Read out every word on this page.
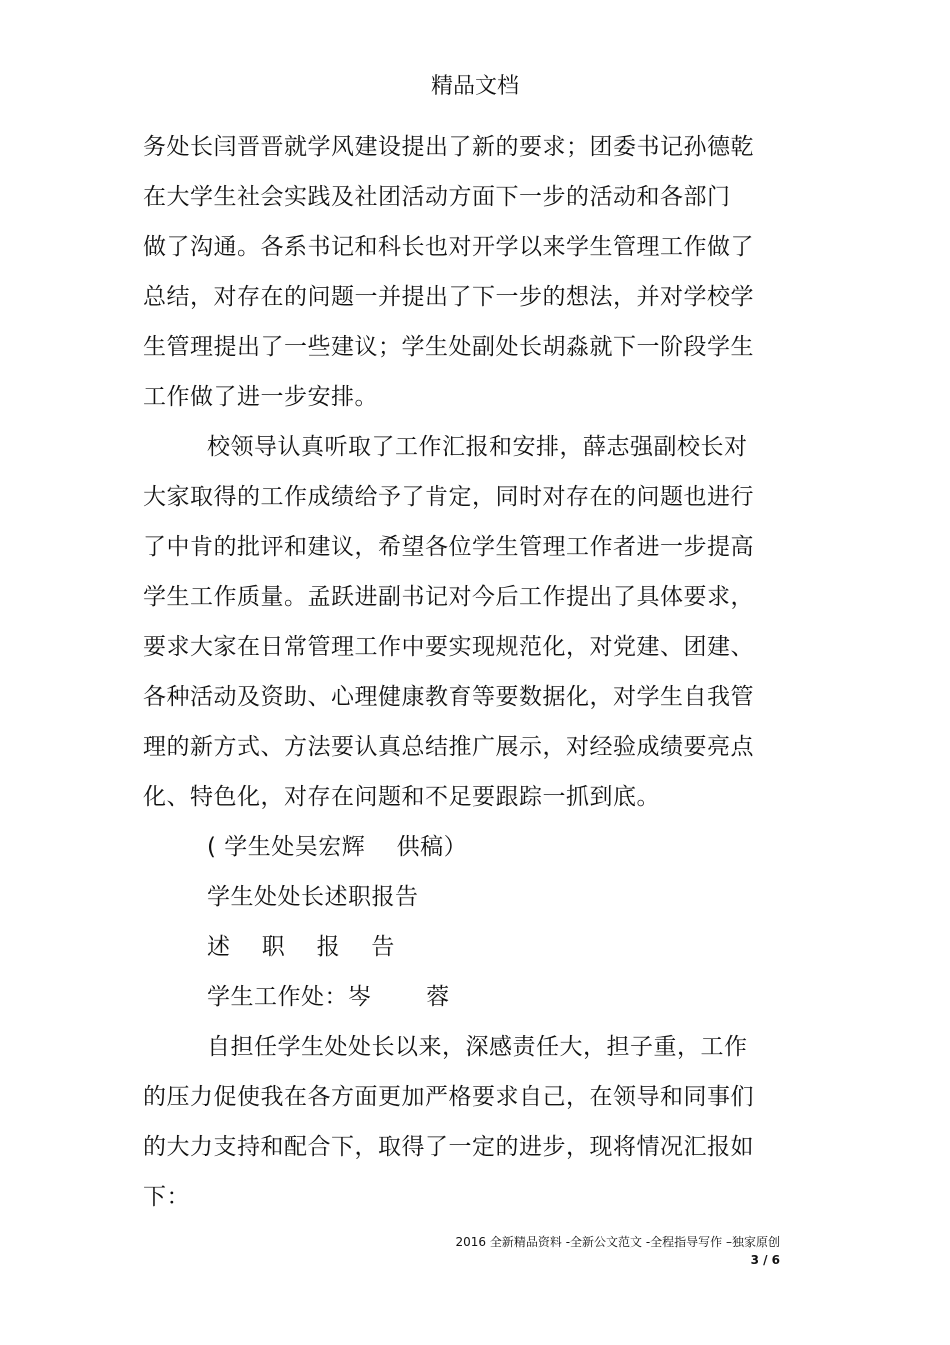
精品文档
务处长闫晋晋就学风建设提出了新的要求；团委书记孙德乾
在大学生社会实践及社团活动方面下一步的活动和各部门
做了沟通。各系书记和科长也对开学以来学生管理工作做了
总结，对存在的问题一并提出了下一步的想法，并对学校学
生管理提出了一些建议；学生处副处长胡淼就下一阶段学生
工作做了进一步安排。
校领导认真听取了工作汇报和安排，薛志强副校长对
大家取得的工作成绩给予了肯定，同时对存在的问题也进行
了中肯的批评和建议，希望各位学生管理工作者进一步提高
学生工作质量。孟跃进副书记对今后工作提出了具体要求，
要求大家在日常管理工作中要实现规范化，对党建、团建、
各种活动及资助、心理健康教育等要数据化，对学生自我管
理的新方式、方法要认真总结推广展示，对经验成绩要亮点
化、特色化，对存在问题和不足要跟踪一抓到底。
( 学生处吴宏辉　 供稿）
学生处处长述职报告
述　 职　 报　 告
学生工作处：岑　　 蓉
自担任学生处处长以来，深感责任大，担子重，工作
的压力促使我在各方面更加严格要求自己，在领导和同事们
的大力支持和配合下，取得了一定的进步，现将情况汇报如
下：
2016 全新精品资料 -全新公文范文 -全程指导写作 –独家原创
3 / 6
